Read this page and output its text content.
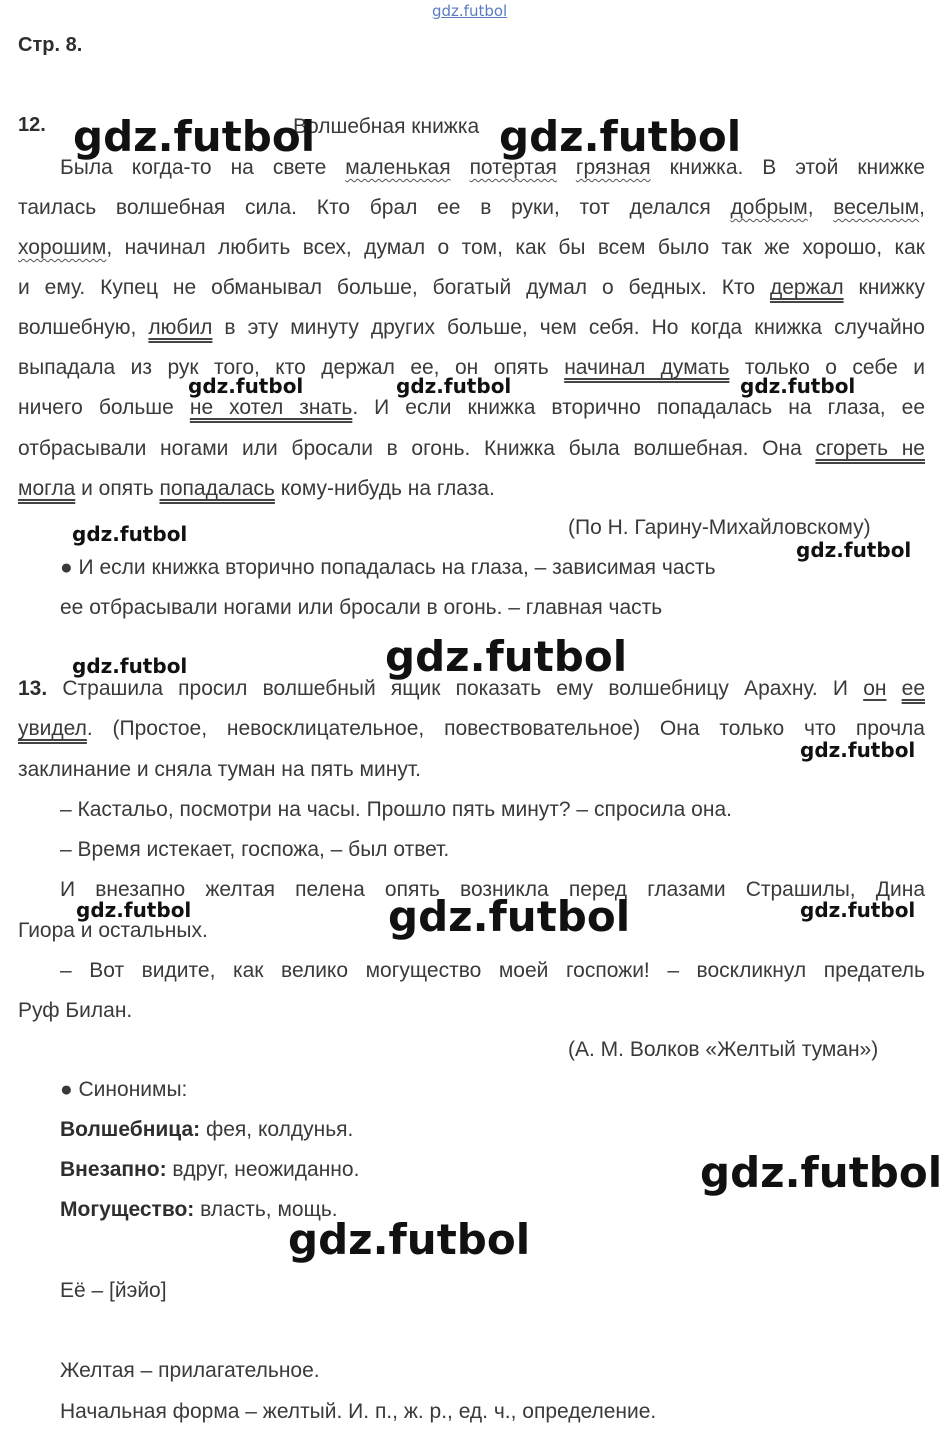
gdz.futbol
Стр. 8.
12.	Волшебная книжка
Была когда-то на свете маленькая потертая грязная книжка. В этой книжке
таилась волшебная сила. Кто брал ее в руки, тот делался добрым, веселым,
хорошим, начинал любить всех, думал о том, как бы всем было так же хорошо, как
и ему. Купец не обманывал больше, богатый думал о бедных. Кто держал книжку
волшебную, любил в эту минуту других больше, чем себя. Но когда книжка случайно
выпадала из рук того, кто держал ее, он опять начинал думать только о себе и
ничего больше не хотел знать. И если книжка вторично попадалась на глаза, ее
отбрасывали ногами или бросали в огонь. Книжка была волшебная. Она сгореть не
могла и опять попадалась кому-нибудь на глаза.
(По Н. Гарину-Михайловскому)
● И если книжка вторично попадалась на глаза, – зависимая часть
ее отбрасывали ногами или бросали в огонь. – главная часть
13. Страшила просил волшебный ящик показать ему волшебницу Арахну. И он ее
увидел. (Простое, невосклицательное, повествовательное) Она только что прочла
заклинание и сняла туман на пять минут.
– Кастальо, посмотри на часы. Прошло пять минут? – спросила она.
– Время истекает, госпожа, – был ответ.
И внезапно желтая пелена опять возникла перед глазами Страшилы, Дина
Гиора и остальных.
– Вот видите, как велико могущество моей госпожи! – воскликнул предатель
Руф Билан.
(А. М. Волков «Желтый туман»)
● Синонимы:
Волшебница: фея, колдунья.
Внезапно: вдруг, неожиданно.
Могущество: власть, мощь.
Её – [йэйо]
Желтая – прилагательное.
Начальная форма – желтый. И. п., ж. р., ед. ч., определение.
gdz.futbol	gdz.futbol
gdz.futbol	gdz.futbol	gdz.futbol
gdz.futbol
gdz.futbol
gdz.futbol	gdz.futbol
gdz.futbol
gdz.futbol	gdz.futbol	gdz.futbol
gdz.futbol
gdz.futbol
